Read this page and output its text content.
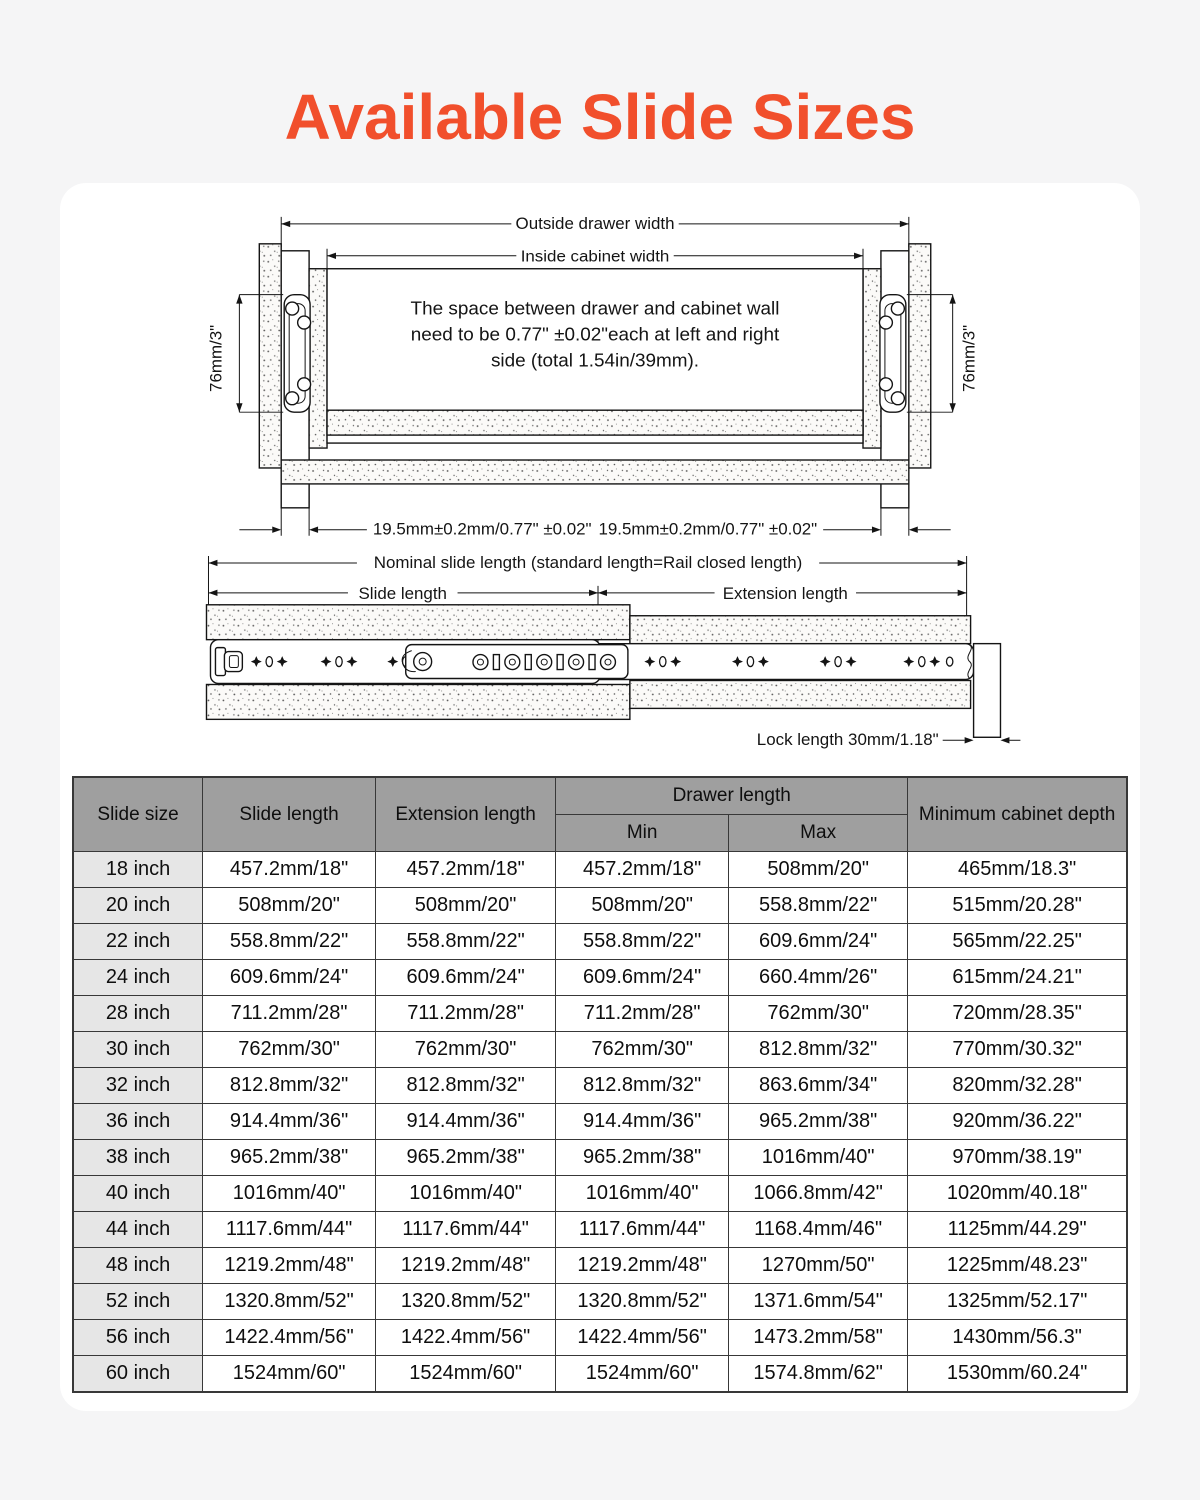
Available Slide Sizes
Outside drawer width
Inside cabinet width
The space between drawer and cabinet wall
need to be 0.77" ±0.02"each at left and right
side (total 1.54in/39mm).
76mm/3"	76mm/3"
19.5mm±0.2mm/0.77" ±0.02" 19.5mm±0.2mm/0.77" ±0.02"
Nominal slide length (standard length=Rail closed length)
Slide length	Extension length
Lock length 30mm/1.18"
Slide size	Slide length	Extension length	Drawer length		Minimum cabinet depth
			Min	Max	
18 inch	457.2mm/18"	457.2mm/18"	457.2mm/18"	508mm/20"	465mm/18.3"
20 inch	508mm/20"	508mm/20"	508mm/20"	558.8mm/22"	515mm/20.28"
22 inch	558.8mm/22"	558.8mm/22"	558.8mm/22"	609.6mm/24"	565mm/22.25"
24 inch	609.6mm/24"	609.6mm/24"	609.6mm/24"	660.4mm/26"	615mm/24.21"
28 inch	711.2mm/28"	711.2mm/28"	711.2mm/28"	762mm/30"	720mm/28.35"
30 inch	762mm/30"	762mm/30"	762mm/30"	812.8mm/32"	770mm/30.32"
32 inch	812.8mm/32"	812.8mm/32"	812.8mm/32"	863.6mm/34"	820mm/32.28"
36 inch	914.4mm/36"	914.4mm/36"	914.4mm/36"	965.2mm/38"	920mm/36.22"
38 inch	965.2mm/38"	965.2mm/38"	965.2mm/38"	1016mm/40"	970mm/38.19"
40 inch	1016mm/40"	1016mm/40"	1016mm/40"	1066.8mm/42"	1020mm/40.18"
44 inch	1117.6mm/44"	1117.6mm/44"	1117.6mm/44"	1168.4mm/46"	1125mm/44.29"
48 inch	1219.2mm/48"	1219.2mm/48"	1219.2mm/48"	1270mm/50"	1225mm/48.23"
52 inch	1320.8mm/52"	1320.8mm/52"	1320.8mm/52"	1371.6mm/54"	1325mm/52.17"
56 inch	1422.4mm/56"	1422.4mm/56"	1422.4mm/56"	1473.2mm/58"	1430mm/56.3"
60 inch	1524mm/60"	1524mm/60"	1524mm/60"	1574.8mm/62"	1530mm/60.24"
